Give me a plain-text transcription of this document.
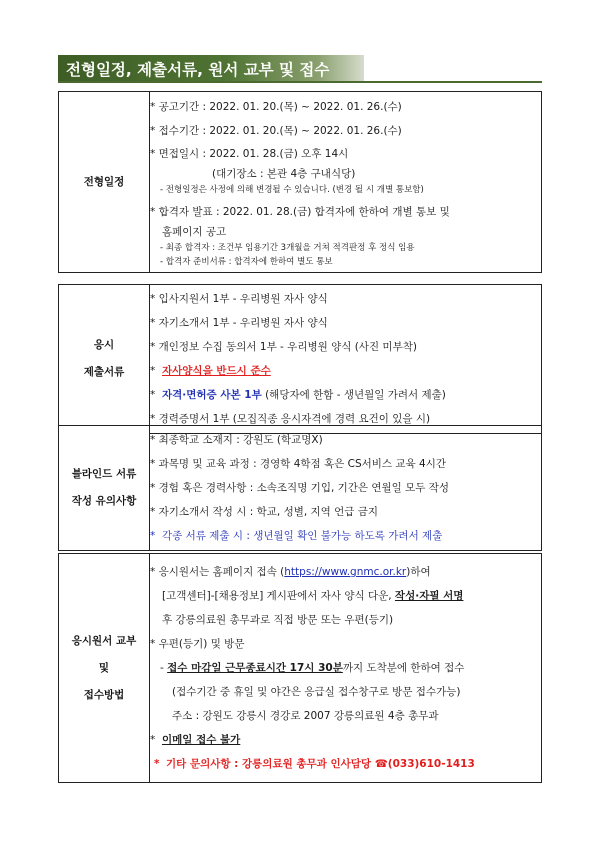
전형일정, 제출서류, 원서 교부 및 접수
전형일정	
* 공고기간 : 2022. 01. 20.(목) ~ 2022. 01. 26.(수)
* 접수기간 : 2022. 01. 20.(목) ~ 2022. 01. 26.(수)
* 면접일시 : 2022. 01. 28.(금) 오후 14시
(대기장소 : 본관 4층 구내식당)
- 전형일정은 사정에 의해 변경될 수 있습니다. (변경 될 시 개별 통보함)
* 합격자 발표 : 2022. 01. 28.(금) 합격자에 한하여 개별 통보 및
홈페이지 공고
- 최종 합격자 : 조건부 임용기간 3개월을 거쳐 적격판정 후 정식 임용
- 합격자 준비서류 : 합격자에 한하여 별도 통보
응시
제출서류

* 입사지원서 1부 - 우리병원 자사 양식
* 자기소개서 1부 - 우리병원 자사 양식
* 개인정보 수집 동의서 1부 - 우리병원 양식 (사진 미부착)
* 자사양식을 반드시 준수
* 자격·면허증 사본 1부 (해당자에 한함 - 생년월일 가려서 제출)
* 경력증명서 1부 (모집직종 응시자격에 경력 요건이 있을 시)
블라인드 서류
작성 유의사항

* 최종학교 소재지 : 강원도 (학교명X)
* 과목명 및 교육 과정 : 경영학 4학점 혹은 CS서비스 교육 4시간
* 경험 혹은 경력사항 : 소속조직명 기입, 기간은 연월일 모두 작성
* 자기소개서 작성 시 : 학교, 성별, 지역 언급 금지
* 각종 서류 제출 시 : 생년월일 확인 불가능 하도록 가려서 제출
응시원서 교부
및
접수방법

* 응시원서는 홈페이지 접속 (https://www.gnmc.or.kr)하여
[고객센터]-[채용정보] 게시판에서 자사 양식 다운, 작성·자필 서명
후 강릉의료원 총무과로 직접 방문 또는 우편(등기)
* 우편(등기) 및 방문
- 접수 마감일 근무종료시간 17시 30분까지 도착분에 한하여 접수
(접수기간 중 휴일 및 야간은 응급실 접수창구로 방문 접수가능)
주소 : 강원도 강릉시 경강로 2007 강릉의료원 4층 총무과
* 이메일 접수 불가
* 기타 문의사항 : 강릉의료원 총무과 인사담당 ☎(033)610-1413
